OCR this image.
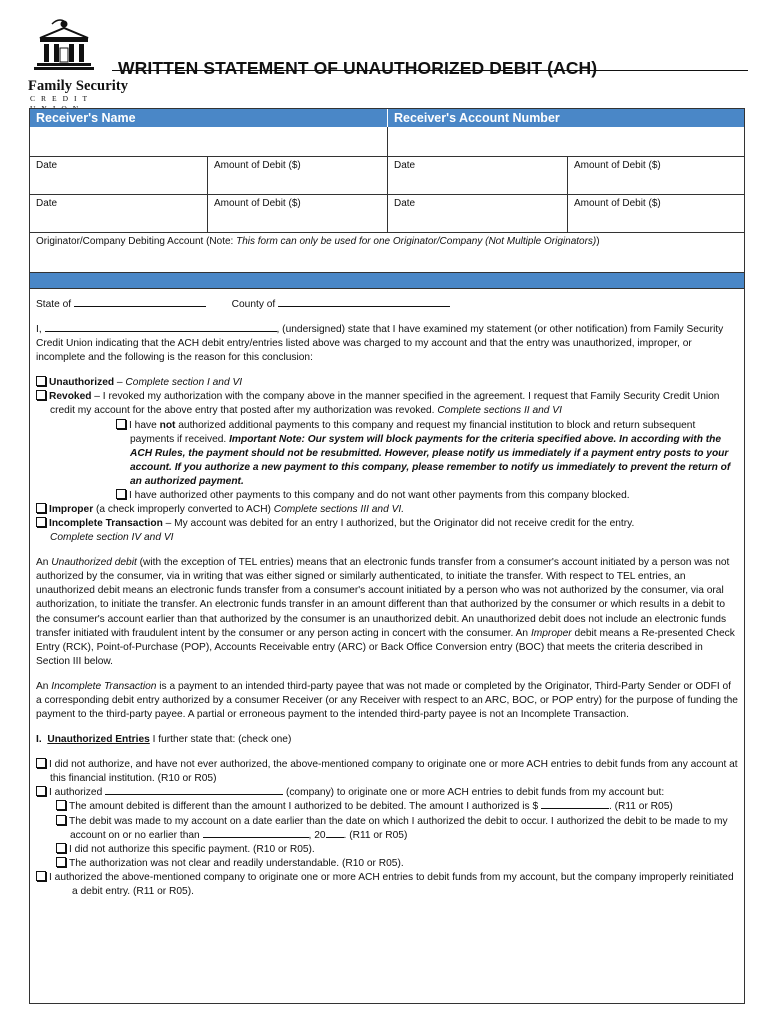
Family Security
CREDIT
WRITTEN STATEMENT OF UNAUTHORIZED DEBIT (ACH)
Receiver's Name	Receiver's Account Number
Date	Amount of Debit ($)	Date	Amount of Debit ($)
Date	Amount of Debit ($)	Date	Amount of Debit ($)
Originator/Company Debiting Account (Note: This form can only be used for one Originator/Company (Not Multiple Originators))
State of	County of
I,	, (undersigned) state that I have examined my statement (or other notification) from Family Security Credit Union indicating that the ACH debit entry/entries listed above was charged to my account and that the entry was unauthorized, improper, or incomplete and the following is the reason for this conclusion:
Unauthorized – Complete section I and VI
Revoked – I revoked my authorization with the company above in the manner specified in the agreement. I request that Family Security Credit Union credit my account for the above entry that posted after my authorization was revoked. Complete sections II and VI
I have not authorized additional payments to this company and request my financial institution to block and return subsequent payments if received. Important Note: Our system will block payments for the criteria specified above. In according with the ACH Rules, the payment should not be resubmitted. However, please notify us immediately if a payment entry posts to your account. If you authorize a new payment to this company, please remember to notify us immediately to prevent the return of an authorized payment.
I have authorized other payments to this company and do not want other payments from this company blocked.
Improper (a check improperly converted to ACH) Complete sections III and VI.
Incomplete Transaction – My account was debited for an entry I authorized, but the Originator did not receive credit for the entry.
Complete section IV and VI
An Unauthorized debit (with the exception of TEL entries) means that an electronic funds transfer from a consumer's account initiated by a person was not authorized by the consumer, via in writing that was either signed or similarly authenticated, to initiate the transfer. With respect to TEL entries, an unauthorized debit means an electronic funds transfer from a consumer's account initiated by a person who was not authorized by the consumer, via oral authorization, to initiate the transfer. An electronic funds transfer in an amount different than that authorized by the consumer or which results in a debit to the consumer's account earlier than that authorized by the consumer is an unauthorized debit. An unauthorized debit does not include an electronic funds transfer initiated with fraudulent intent by the consumer or any person acting in concert with the consumer. An Improper debit means a Re-presented Check Entry (RCK), Point-of-Purchase (POP), Accounts Receivable entry (ARC) or Back Office Conversion entry (BOC) that meets the criteria described in Section III below.
An Incomplete Transaction is a payment to an intended third-party payee that was not made or completed by the Originator, Third-Party Sender or ODFI of a corresponding debit entry authorized by a consumer Receiver (or any Receiver with respect to an ARC, BOC, or POP entry) for the purpose of funding the payment to the third-party payee. A partial or erroneous payment to the intended third-party payee is not an Incomplete Transaction.
I. Unauthorized Entries I further state that: (check one)
I did not authorize, and have not ever authorized, the above-mentioned company to originate one or more ACH entries to debit funds from any account at this financial institution. (R10 or R05)
I authorized	(company) to originate one or more ACH entries to debit funds from my account but:
The amount debited is different than the amount I authorized to be debited. The amount I authorized is $	. (R11 or R05)
The debit was made to my account on a date earlier than the date on which I authorized the debit to occur. I authorized the debit to be made to my account on or no earlier than	, 20 . (R11 or R05)
I did not authorize this specific payment. (R10 or R05).
The authorization was not clear and readily understandable. (R10 or R05).
I authorized the above-mentioned company to originate one or more ACH entries to debit funds from my account, but the company improperly reinitiated a debit entry. (R11 or R05).
